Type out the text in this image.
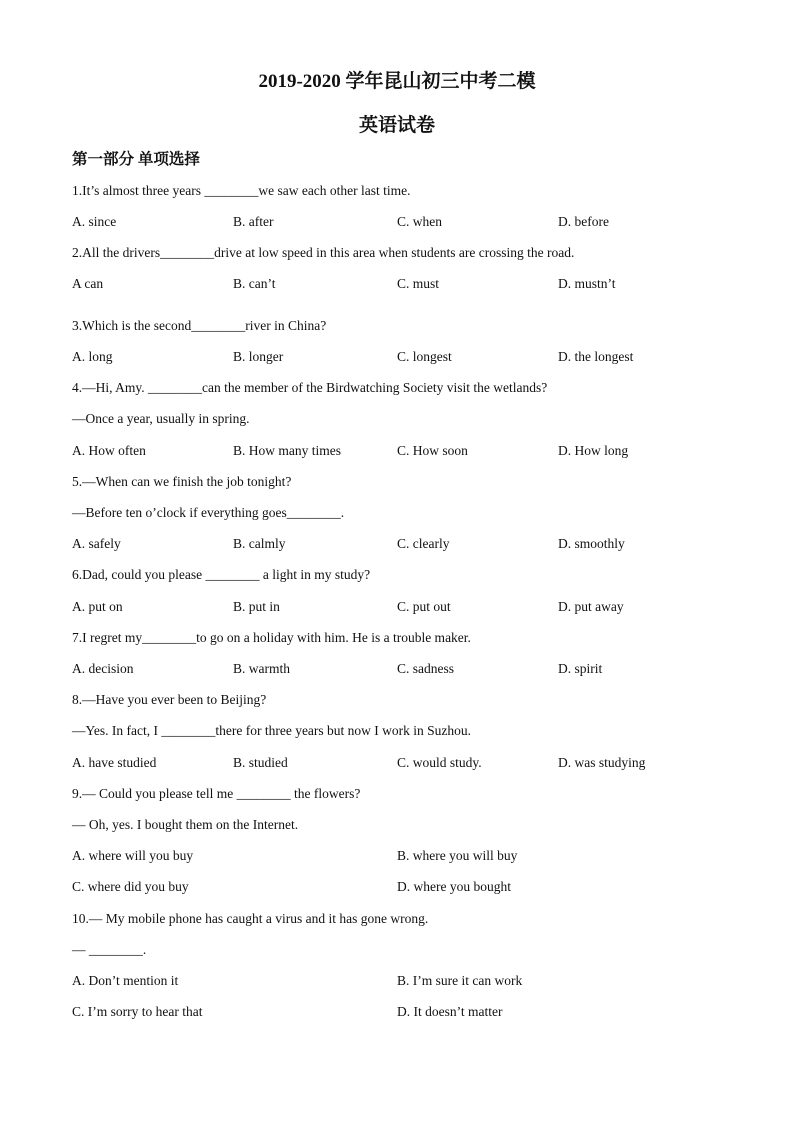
2019-2020 学年昆山初三中考二模
英语试卷
第一部分 单项选择
1.It’s almost three years ________we saw each other last time.
A. since	B. after	C. when	D. before
2.All the drivers________drive at low speed in this area when students are crossing the road.
A can	B. can’t	C. must	D. mustn’t
3.Which is the second________river in China?
A. long	B. longer	C. longest	D. the longest
4.—Hi, Amy. ________can the member of the Birdwatching Society visit the wetlands?
—Once a year, usually in spring.
A. How often	B. How many times	C. How soon	D. How long
5.—When can we finish the job tonight?
—Before ten o’clock if everything goes________.
A. safely	B. calmly	C. clearly	D. smoothly
6.Dad, could you please ________ a light in my study?
A. put on	B. put in	C. put out	D. put away
7.I regret my________to go on a holiday with him. He is a trouble maker.
A. decision	B. warmth	C. sadness	D. spirit
8.—Have you ever been to Beijing?
—Yes. In fact, I ________there for three years but now I work in Suzhou.
A. have studied	B. studied	C. would study.	D. was studying
9.— Could you please tell me ________ the flowers?
— Oh, yes. I bought them on the Internet.
A. where will you buy	B. where you will buy
C. where did you buy	D. where you bought
10.— My mobile phone has caught a virus and it has gone wrong.
— ________.
A. Don’t mention it	B. I’m sure it can work
C. I’m sorry to hear that	D. It doesn’t matter
